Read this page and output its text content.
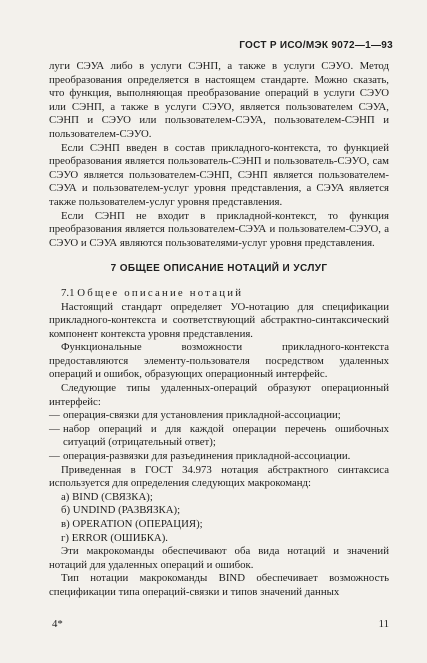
ГОСТ Р ИСО/МЭК 9072—1—93

луги СЭУА либо в услуги СЭНП, а также в услуги СЭУО. Метод преобразования определяется в настоящем стандарте. Можно сказать, что функция, выполняющая преобразование операций в услуги СЭУО или СЭНП, а также в услуги СЭУО, является пользователем СЭУА, СЭНП и СЭУО или пользователем-СЭУА, пользователем-СЭНП и пользователем-СЭУО.

Если СЭНП введен в состав прикладного-контекста, то функцией преобразования является пользователь-СЭНП и пользователь-СЭУО, сам СЭУО является пользователем-СЭНП, СЭНП является пользователем-СЭУА и пользователем-услуг уровня представления, а СЭУА является также пользователем-услуг уровня представления.

Если СЭНП не входит в прикладной-контекст, то функция преобразования является пользователем-СЭУА и пользователем-СЭУО, а СЭУО и СЭУА являются пользователями-услуг уровня представления.

7 ОБЩЕЕ ОПИСАНИЕ НОТАЦИЙ И УСЛУГ

7.1 Общее описание нотаций

Настоящий стандарт определяет УО-нотацию для спецификации прикладного-контекста и соответствующий абстрактно-синтаксический компонент контекста уровня представления.

Функциональные возможности прикладного-контекста предоставляются элементу-пользователя посредством удаленных операций и ошибок, образующих операционный интерфейс.

Следующие типы удаленных-операций образуют операционный интерфейс:

— операция-связки для установления прикладной-ассоциации;
— набор операций и для каждой операции перечень ошибочных ситуаций (отрицательный ответ);
— операция-развязки для разъединения прикладной-ассоциации.

Приведенная в ГОСТ 34.973 нотация абстрактного синтаксиса используется для определения следующих макрокоманд:

а) BIND (СВЯЗКА);
б) UNDIND (РАЗВЯЗКА);
в) OPERATION (ОПЕРАЦИЯ);
г) ERROR (ОШИБКА).

Эти макрокоманды обеспечивают оба вида нотаций и значений нотаций для удаленных операций и ошибок.

Тип нотации макрокоманды BIND обеспечивает возможность спецификации типа операций-связки и типов значений данных

4*	11
